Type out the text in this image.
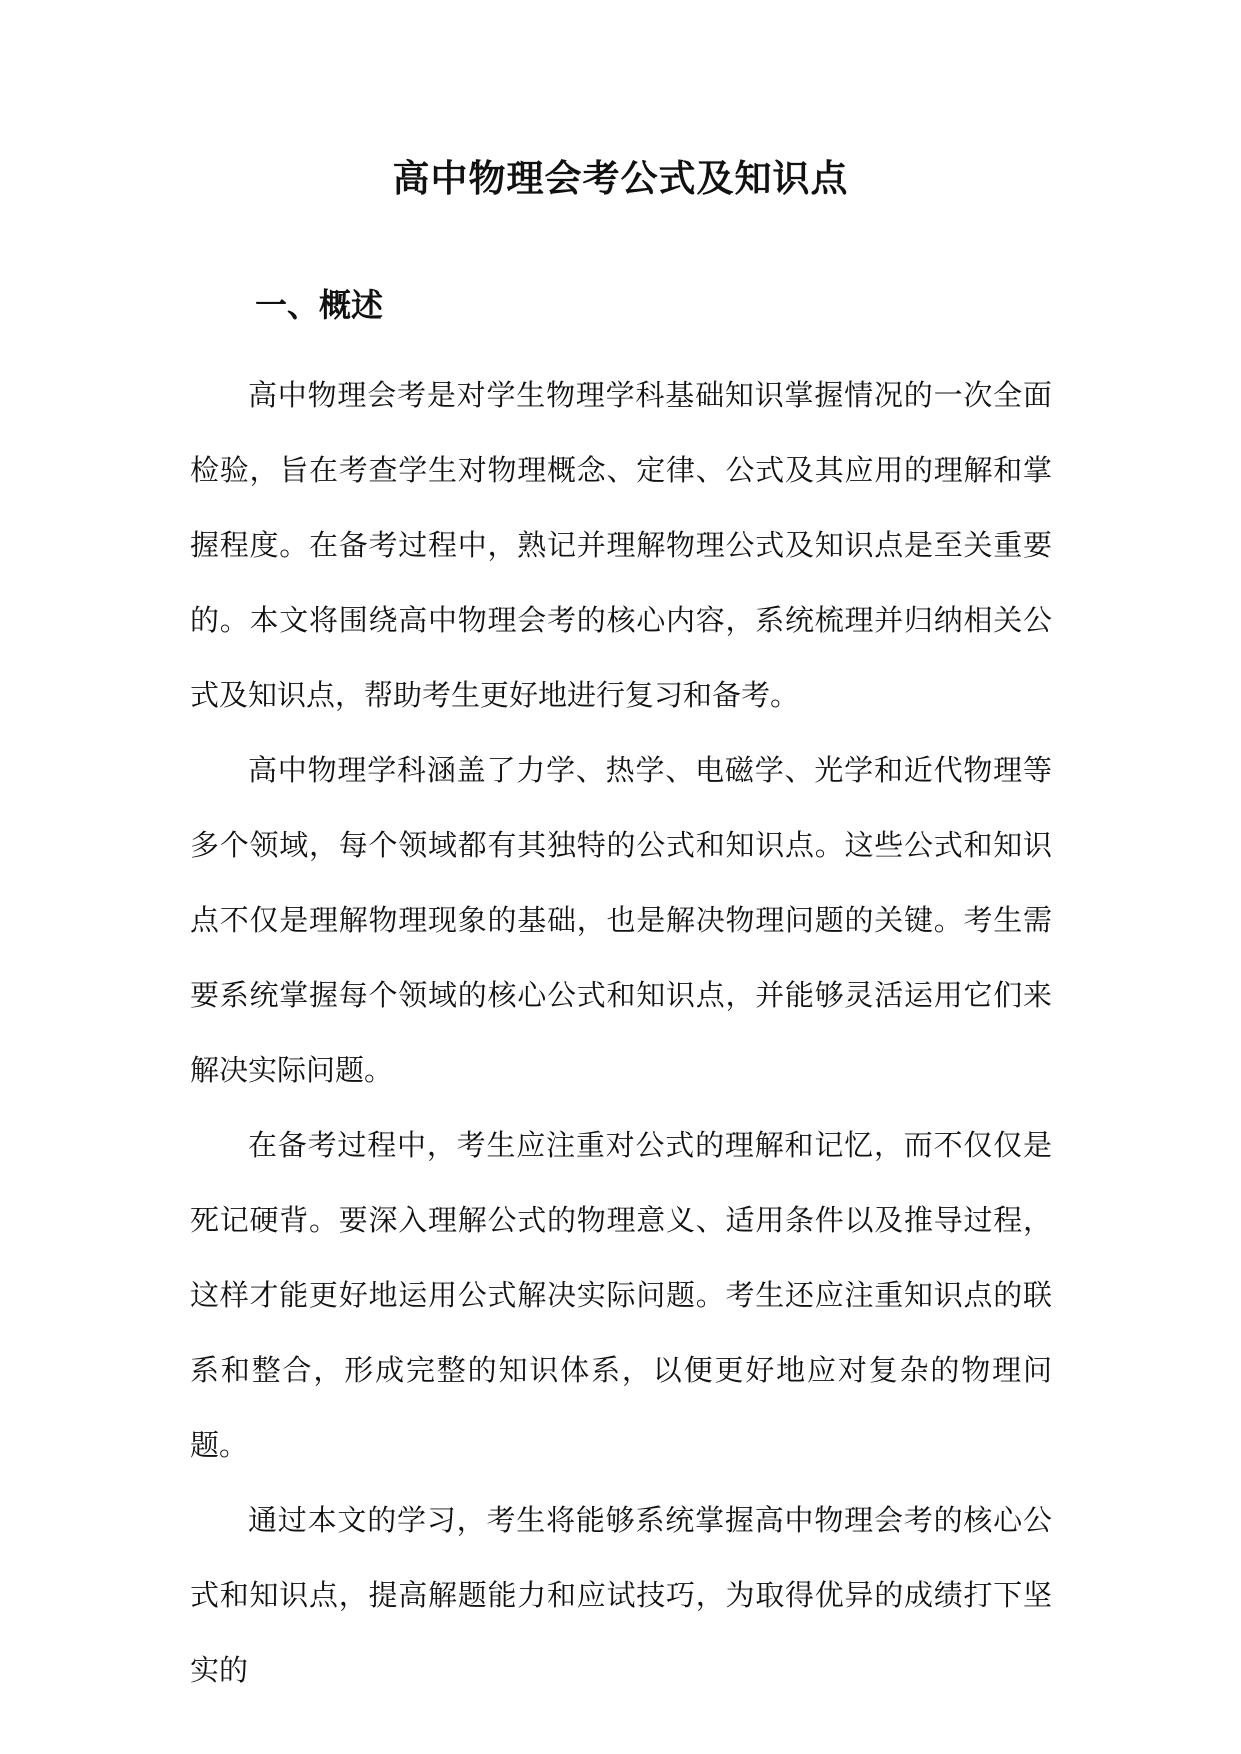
高中物理会考公式及知识点
一、概述

高中物理会考是对学生物理学科基础知识掌握情况的一次全面检验，旨在考查学生对物理概念、定律、公式及其应用的理解和掌握程度。在备考过程中，熟记并理解物理公式及知识点是至关重要的。本文将围绕高中物理会考的核心内容，系统梳理并归纳相关公式及知识点，帮助考生更好地进行复习和备考。

高中物理学科涵盖了力学、热学、电磁学、光学和近代物理等多个领域，每个领域都有其独特的公式和知识点。这些公式和知识点不仅是理解物理现象的基础，也是解决物理问题的关键。考生需要系统掌握每个领域的核心公式和知识点，并能够灵活运用它们来解决实际问题。

在备考过程中，考生应注重对公式的理解和记忆，而不仅仅是死记硬背。要深入理解公式的物理意义、适用条件以及推导过程，这样才能更好地运用公式解决实际问题。考生还应注重知识点的联系和整合，形成完整的知识体系，以便更好地应对复杂的物理问题。

通过本文的学习，考生将能够系统掌握高中物理会考的核心公式和知识点，提高解题能力和应试技巧，为取得优异的成绩打下坚实的
